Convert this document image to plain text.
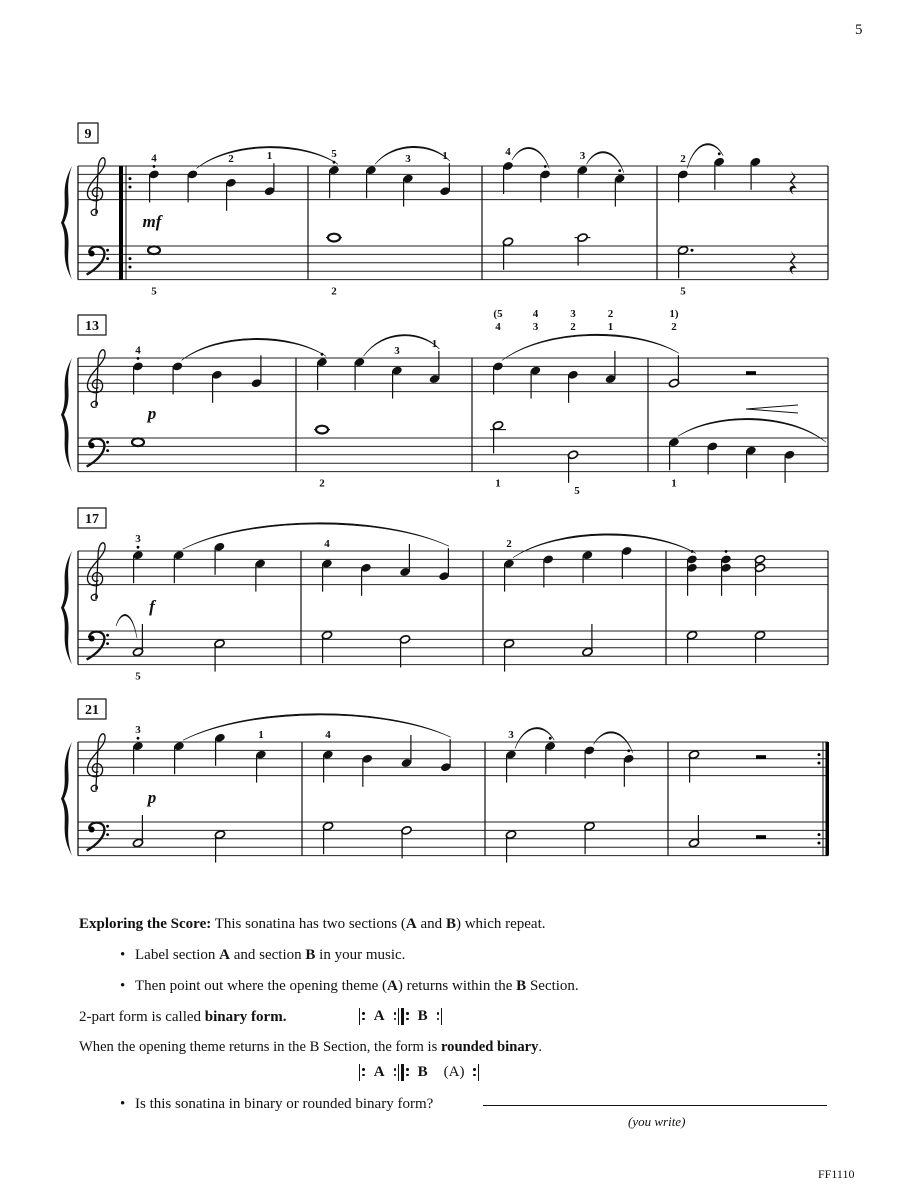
5
9
mf
4	2	1
5
5	3	1
2
4	3	2
5
13
p
4	3
1
2
4
(5
3
4
2
3
1
2
1
5
2
1)
1
17
f
3
5
4	2
21
p
3	1	4	3
Exploring the Score: This sonatina has two sections (A and B) which repeat.
• Label section A and section B in your music.
• Then point out where the opening theme (A) returns within the B Section.
2-part form is called binary form.	A B
When the opening theme returns in the B Section, the form is rounded binary.
A B (A)
• Is this sonatina in binary or rounded binary form?
(you write)
FF1110
